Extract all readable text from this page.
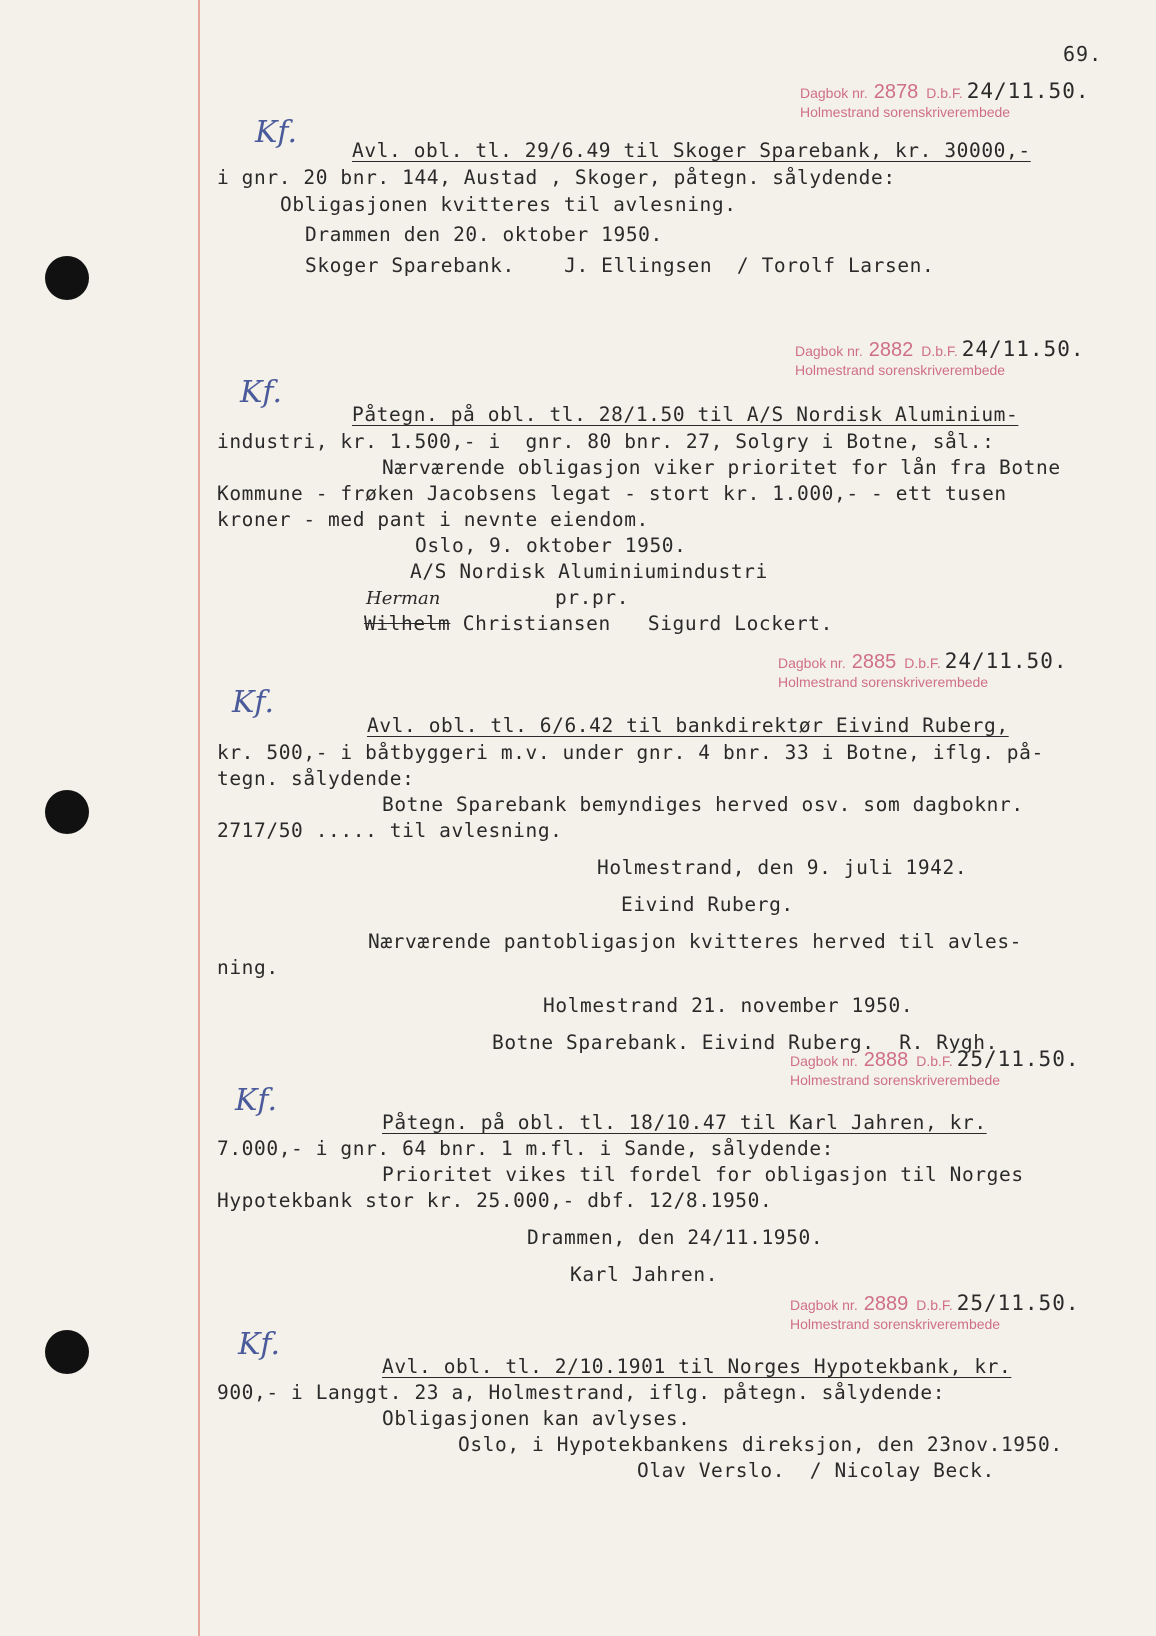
69.
Dagbok nr. 2878 D.b.F. 24/11.50.
Holmestrand sorenskriverembede
Kf.
Avl. obl. tl. 29/6.49 til Skoger Sparebank, kr. 30000,-
i gnr. 20 bnr. 144, Austad , Skoger, påtegn. sålydende:
Obligasjonen kvitteres til avlesning.
Drammen den 20. oktober 1950.
Skoger Sparebank.    J. Ellingsen  / Torolf Larsen.
Dagbok nr. 2882 D.b.F. 24/11.50.
Holmestrand sorenskriverembede
Kf.
Påtegn. på obl. tl. 28/1.50 til A/S Nordisk Aluminium-
industri, kr. 1.500,- i  gnr. 80 bnr. 27, Solgry i Botne, sål.:
Nærværende obligasjon viker prioritet for lån fra Botne
Kommune - frøken Jacobsens legat - stort kr. 1.000,- - ett tusen
kroner - med pant i nevnte eiendom.
Oslo, 9. oktober 1950.
A/S Nordisk Aluminiumindustri
pr.pr.
Herman
Wilhelm Christiansen Sigurd Lockert.
Dagbok nr. 2885 D.b.F. 24/11.50.
Holmestrand sorenskriverembede
Kf.
Avl. obl. tl. 6/6.42 til bankdirektør Eivind Ruberg,
kr. 500,- i båtbyggeri m.v. under gnr. 4 bnr. 33 i Botne, iflg. på-
tegn. sålydende:
Botne Sparebank bemyndiges herved osv. som dagboknr.
2717/50 ..... til avlesning.
Holmestrand, den 9. juli 1942.
Eivind Ruberg.
Nærværende pantobligasjon kvitteres herved til avles-
ning.
Holmestrand 21. november 1950.
Botne Sparebank. Eivind Ruberg. R. Rygh.
Dagbok nr. 2888 D.b.F. 25/11.50.
Holmestrand sorenskriverembede
Kf.
Påtegn. på obl. tl. 18/10.47 til Karl Jahren, kr.
7.000,- i gnr. 64 bnr. 1 m.fl. i Sande, sålydende:
Prioritet vikes til fordel for obligasjon til Norges
Hypotekbank stor kr. 25.000,- dbf. 12/8.1950.
Drammen, den 24/11.1950.
Karl Jahren.
Dagbok nr. 2889 D.b.F. 25/11.50.
Holmestrand sorenskriverembede
Kf.
Avl. obl. tl. 2/10.1901 til Norges Hypotekbank, kr.
900,- i Langgt. 23 a, Holmestrand, iflg. påtegn. sålydende:
Obligasjonen kan avlyses.
Oslo, i Hypotekbankens direksjon, den 23nov.1950.
Olav Verslo.  / Nicolay Beck.
